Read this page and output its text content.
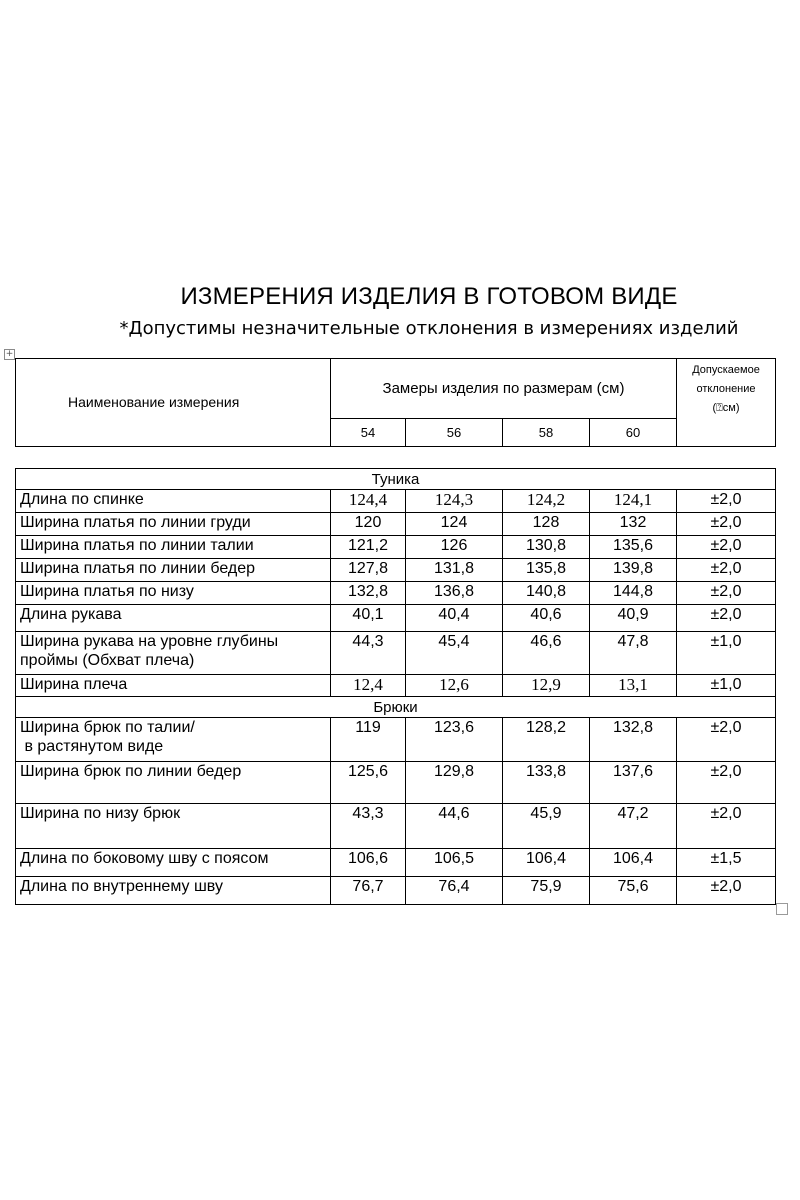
ИЗМЕРЕНИЯ ИЗДЕЛИЯ В ГОТОВОМ ВИДЕ
*Допустимы незначительные отклонения в измерениях изделий
+
Наименование измерения	Замеры изделия по размерам (см)				Допускаемое
отклонение
(⍰см)

	54	56	58	60	

Туника					

Длина по спинке	124,4	124,3	124,2	124,1	±2,0

Ширина платья по линии груди	120	124	128	132	±2,0

Ширина платья по линии талии	121,2	126	130,8	135,6	±2,0

Ширина платья по линии бедер	127,8	131,8	135,8	139,8	±2,0

Ширина платья по низу	132,8	136,8	140,8	144,8	±2,0

Длина рукава	40,1	40,4	40,6	40,9	±2,0

Ширина рукава на уровне глубины
проймы (Обхват плеча)	44,3	45,4	46,6	47,8	±1,0

Ширина плеча	12,4	12,6	12,9	13,1	±1,0
Брюки					

Ширина брюк по талии/
в растянутом виде	119	123,6	128,2	132,8	±2,0

Ширина брюк по линии бедер	125,6	129,8	133,8	137,6	±2,0

Ширина по низу брюк	43,3	44,6	45,9	47,2	±2,0

Длина по боковому шву с поясом	106,6	106,5	106,4	106,4	±1,5

Длина по внутреннему шву	76,7	76,4	75,9	75,6	±2,0
